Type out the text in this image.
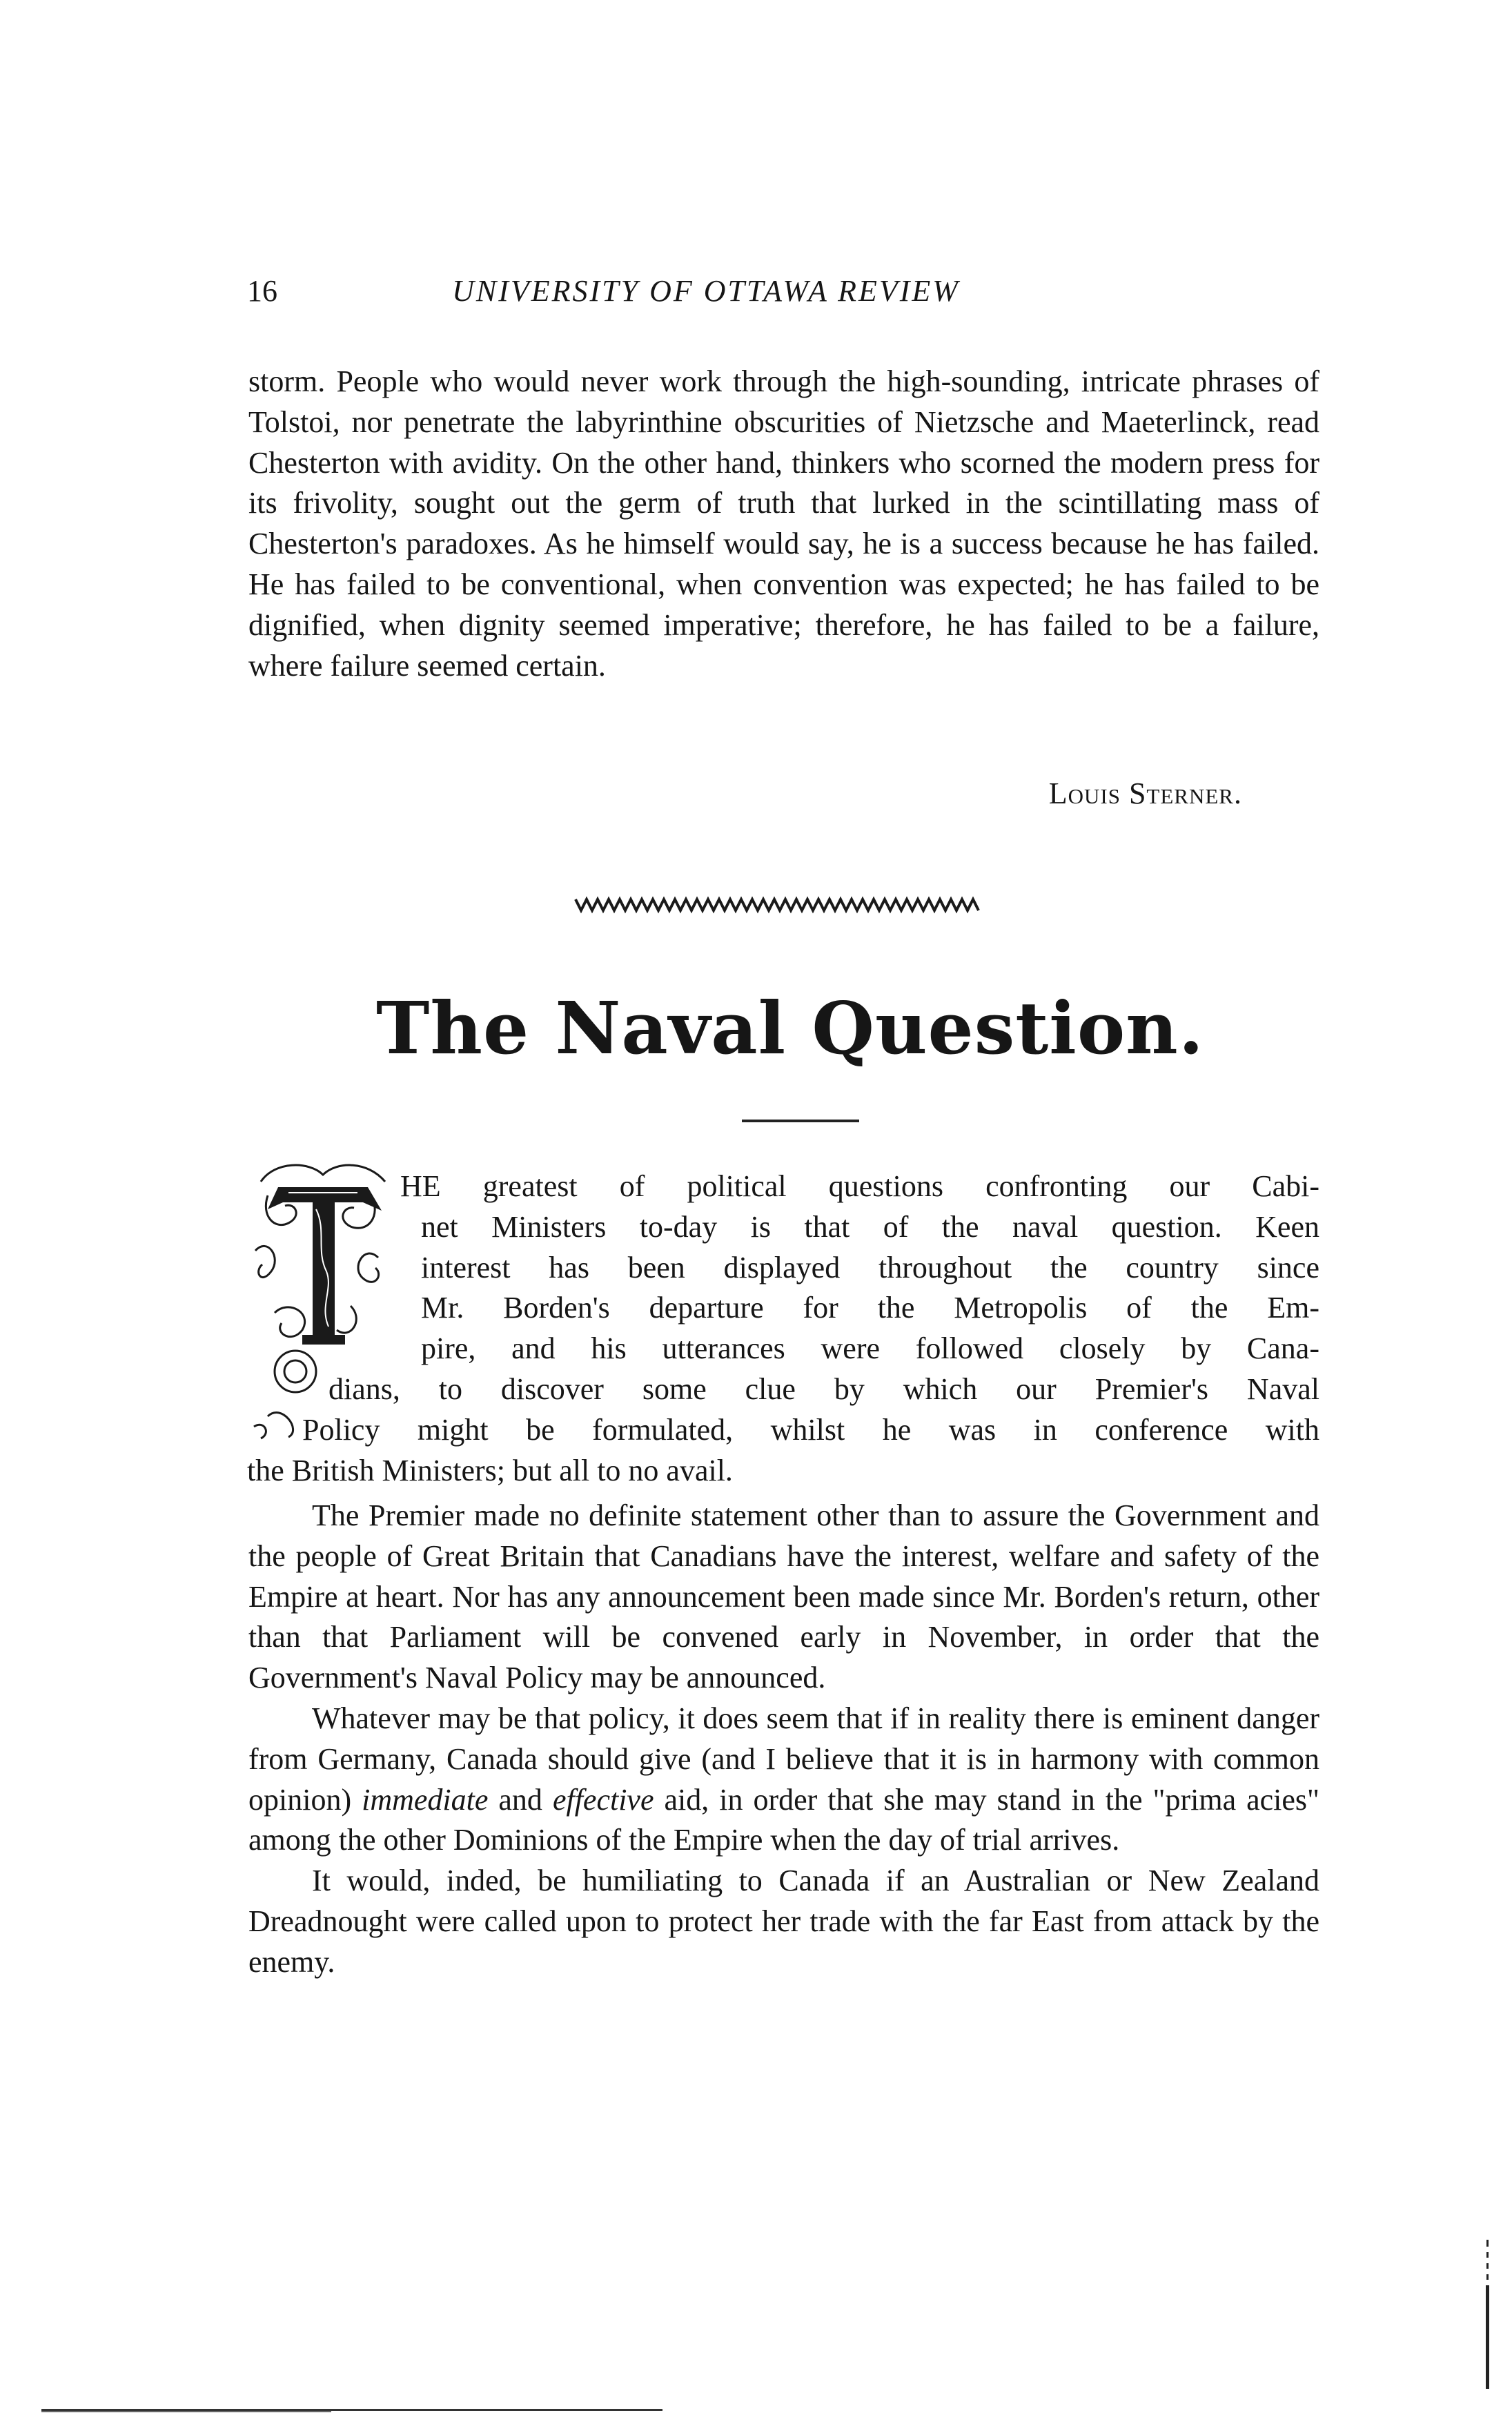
16	UNIVERSITY OF OTTAWA REVIEW

storm. People who would never work through the high-sounding, intricate phrases of Tolstoi, nor penetrate the labyrinthine obscurities of Nietzsche and Maeterlinck, read Chesterton with avidity. On the other hand, thinkers who scorned the modern press for its frivolity, sought out the germ of truth that lurked in the scintillating mass of Chesterton's paradoxes. As he himself would say, he is a success because he has failed. He has failed to be conventional, when convention was expected; he has failed to be dignified, when dignity seemed imperative; therefore, he has failed to be a failure, where failure seemed certain.

Louis Sterner.
The Naval Question.
HE greatest of political questions confronting our Cabi-
net Ministers to-day is that of the naval question. Keen
interest has been displayed throughout the country since
Mr. Borden's departure for the Metropolis of the Em-
pire, and his utterances were followed closely by Cana-
dians, to discover some clue by which our Premier's Naval
Policy might be formulated, whilst he was in conference with
the British Ministers; but all to no avail.

The Premier made no definite statement other than to assure the Government and the people of Great Britain that Canadians have the interest, welfare and safety of the Empire at heart. Nor has any announcement been made since Mr. Borden's return, other than that Parliament will be convened early in November, in order that the Government's Naval Policy may be announced.

Whatever may be that policy, it does seem that if in reality there is eminent danger from Germany, Canada should give (and I believe that it is in harmony with common opinion) immediate and effective aid, in order that she may stand in the "prima acies" among the other Dominions of the Empire when the day of trial arrives.

It would, inded, be humiliating to Canada if an Australian or New Zealand Dreadnought were called upon to protect her trade with the far East from attack by the enemy.
